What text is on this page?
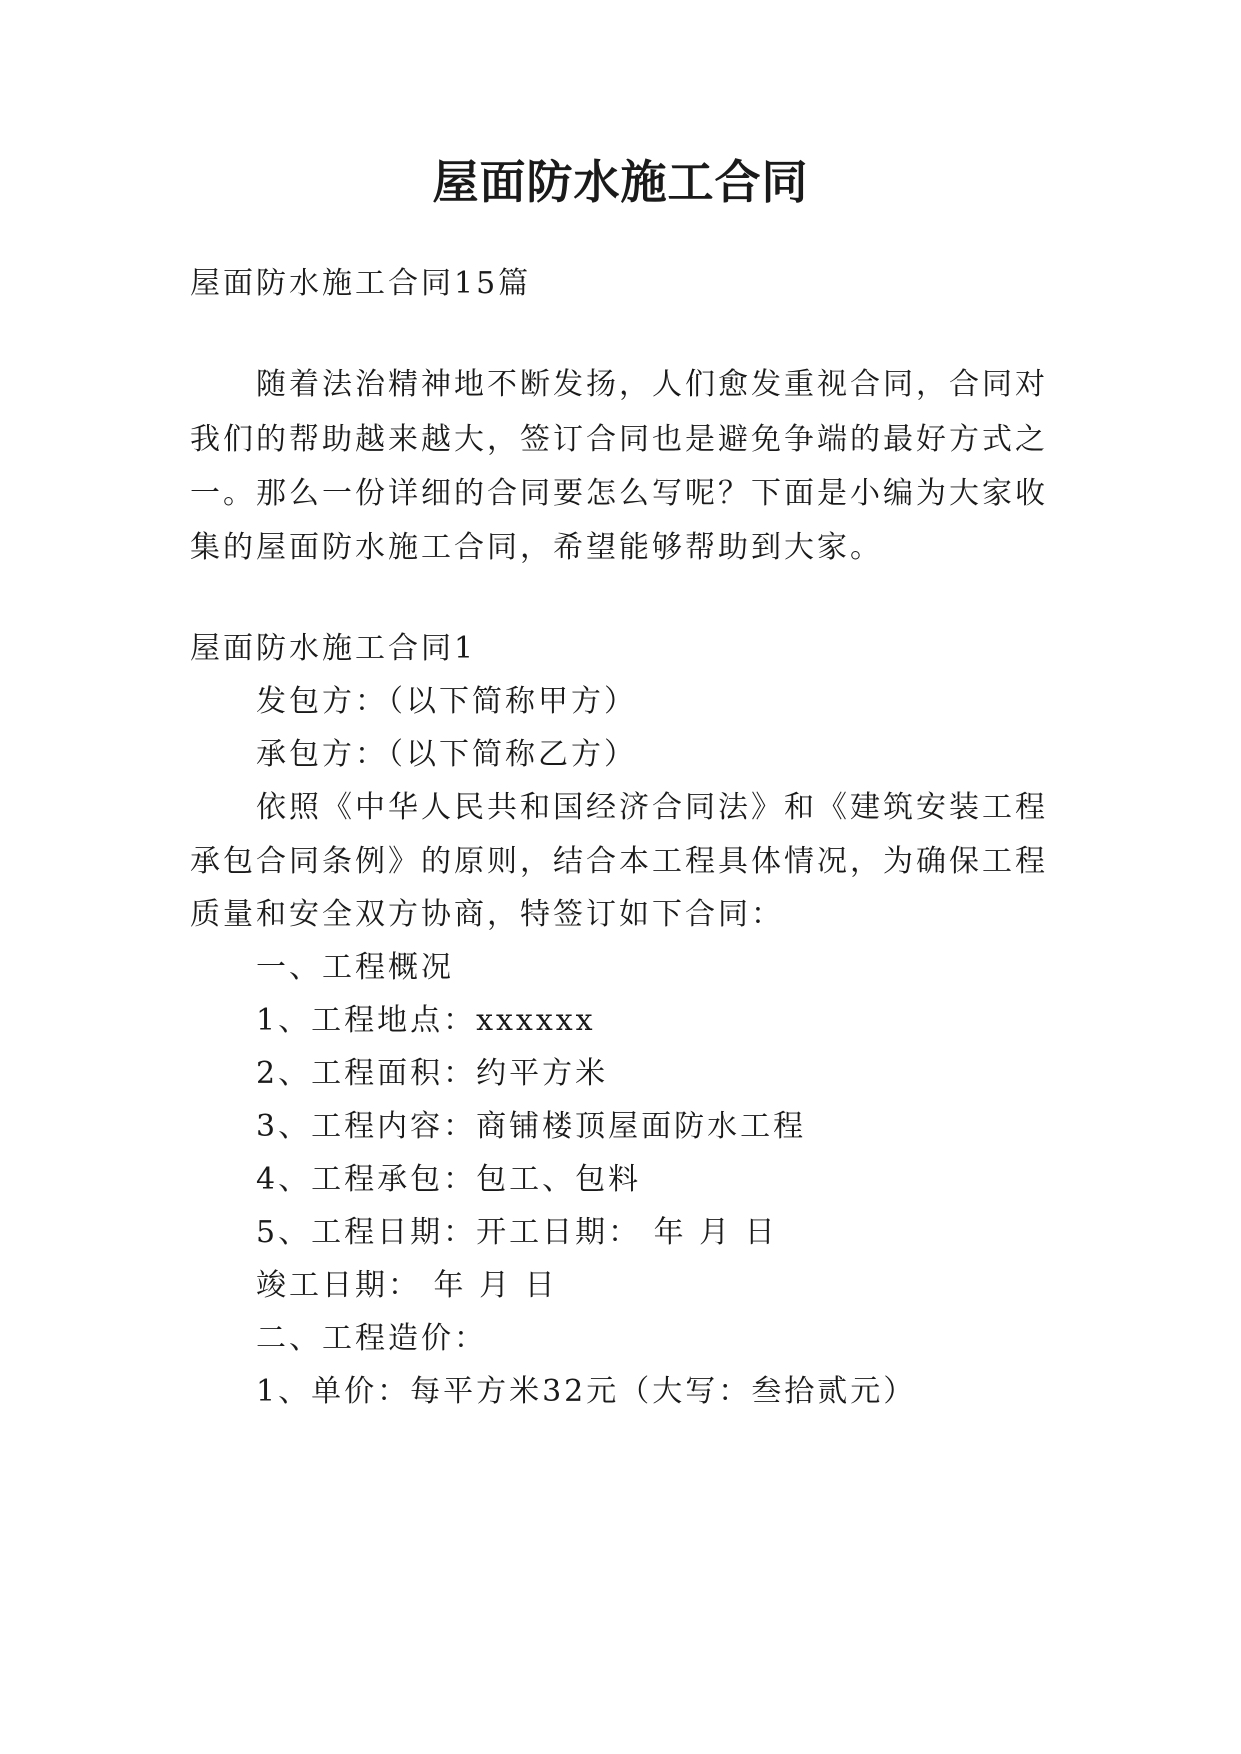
屋面防水施工合同
屋面防水施工合同15篇
随着法治精神地不断发扬，人们愈发重视合同，合同对
我们的帮助越来越大，签订合同也是避免争端的最好方式之
一。那么一份详细的合同要怎么写呢？下面是小编为大家收
集的屋面防水施工合同，希望能够帮助到大家。
屋面防水施工合同1
发包方：（以下简称甲方）
承包方：（以下简称乙方）
依照《中华人民共和国经济合同法》和《建筑安装工程
承包合同条例》的原则，结合本工程具体情况，为确保工程
质量和安全双方协商，特签订如下合同：
一、工程概况
1、工程地点：xxxxxx
2、工程面积：约平方米
3、工程内容：商铺楼顶屋面防水工程
4、工程承包：包工、包料
5、工程日期：开工日期： 年 月 日
竣工日期： 年 月 日
二、工程造价：
1、单价：每平方米32元（大写：叁拾贰元）
